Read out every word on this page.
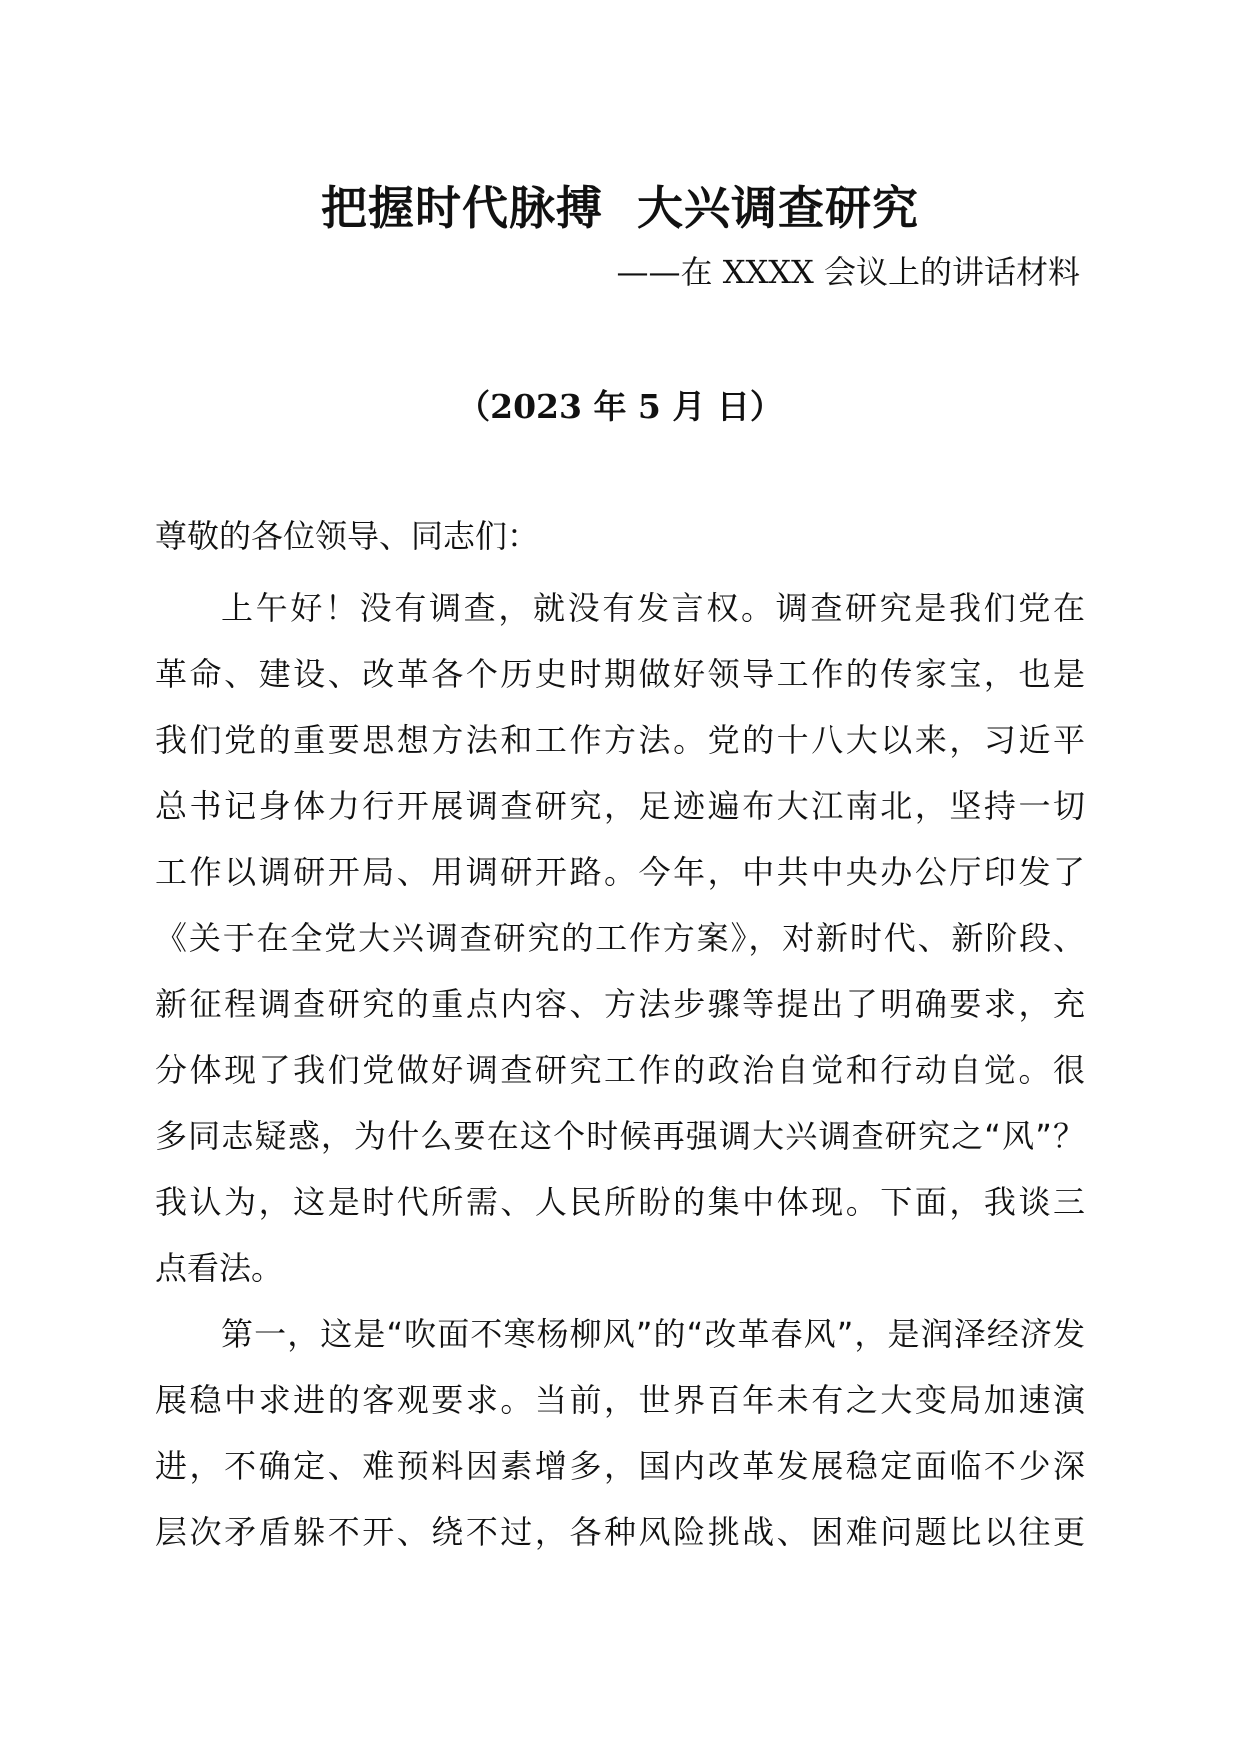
把握时代脉搏  大兴调查研究
——在 XXXX 会议上的讲话材料
（2023 年 5 月 日）
尊敬的各位领导、同志们：
上午好！没有调查，就没有发言权。调查研究是我们党在
革命、建设、改革各个历史时期做好领导工作的传家宝，也是
我们党的重要思想方法和工作方法。党的十八大以来，习近平
总书记身体力行开展调查研究，足迹遍布大江南北，坚持一切
工作以调研开局、用调研开路。今年，中共中央办公厅印发了
《关于在全党大兴调查研究的工作方案》，对新时代、新阶段、
新征程调查研究的重点内容、方法步骤等提出了明确要求，充
分体现了我们党做好调查研究工作的政治自觉和行动自觉。很
多同志疑惑，为什么要在这个时候再强调大兴调查研究之“风”？
我认为，这是时代所需、人民所盼的集中体现。下面，我谈三
点看法。
第一，这是“吹面不寒杨柳风”的“改革春风”，是润泽经济发
展稳中求进的客观要求。当前，世界百年未有之大变局加速演
进，不确定、难预料因素增多，国内改革发展稳定面临不少深
层次矛盾躲不开、绕不过，各种风险挑战、困难问题比以往更
